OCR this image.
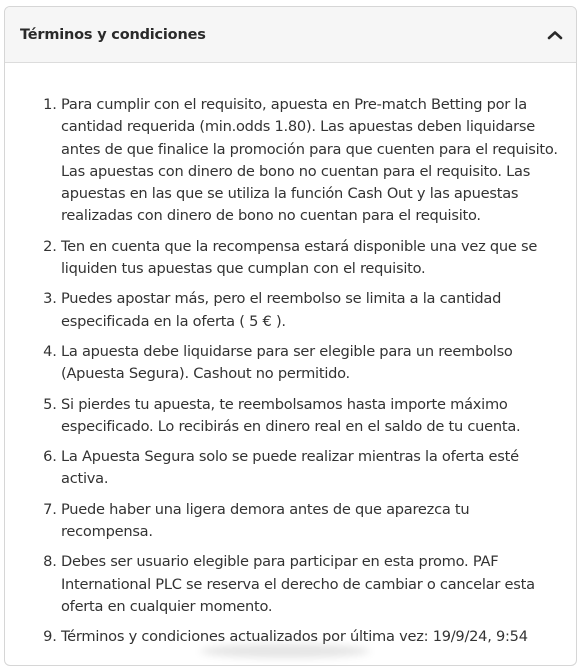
Términos y condiciones
1. Para cumplir con el requisito, apuesta en Pre-match Betting por la cantidad requerida (min.odds 1.80). Las apuestas deben liquidarse antes de que finalice la promoción para que cuenten para el requisito. Las apuestas con dinero de bono no cuentan para el requisito. Las apuestas en las que se utiliza la función Cash Out y las apuestas realizadas con dinero de bono no cuentan para el requisito.
2. Ten en cuenta que la recompensa estará disponible una vez que se liquiden tus apuestas que cumplan con el requisito.
3. Puedes apostar más, pero el reembolso se limita a la cantidad especificada en la oferta ( 5 € ).
4. La apuesta debe liquidarse para ser elegible para un reembolso (Apuesta Segura). Cashout no permitido.
5. Si pierdes tu apuesta, te reembolsamos hasta importe máximo especificado. Lo recibirás en dinero real en el saldo de tu cuenta.
6. La Apuesta Segura solo se puede realizar mientras la oferta esté activa.
7. Puede haber una ligera demora antes de que aparezca tu recompensa.
8. Debes ser usuario elegible para participar en esta promo. PAF International PLC se reserva el derecho de cambiar o cancelar esta oferta en cualquier momento.
9. Términos y condiciones actualizados por última vez: 19/9/24, 9:54
